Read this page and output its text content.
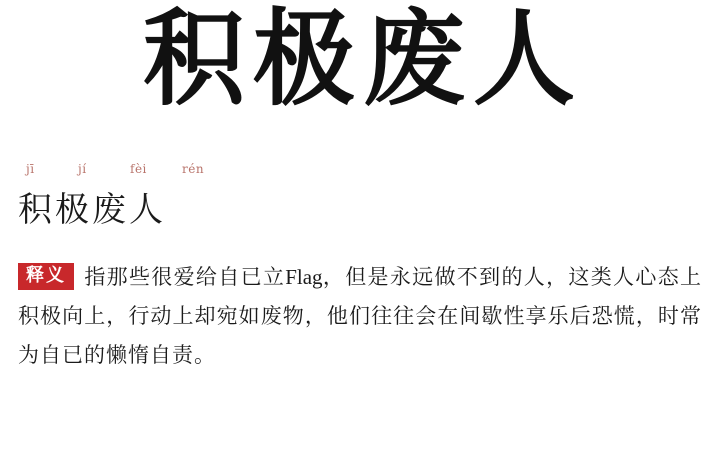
积 极 废 人
jī	jí	fèi	rén
积极废人
释义 指那些很爱给自已立Flag，但是永远做不到的人，这类人心态上积极向上，行动上却宛如废物，他们往往会在间歇性享乐后恐慌，时常为自已的懒惰自责。
